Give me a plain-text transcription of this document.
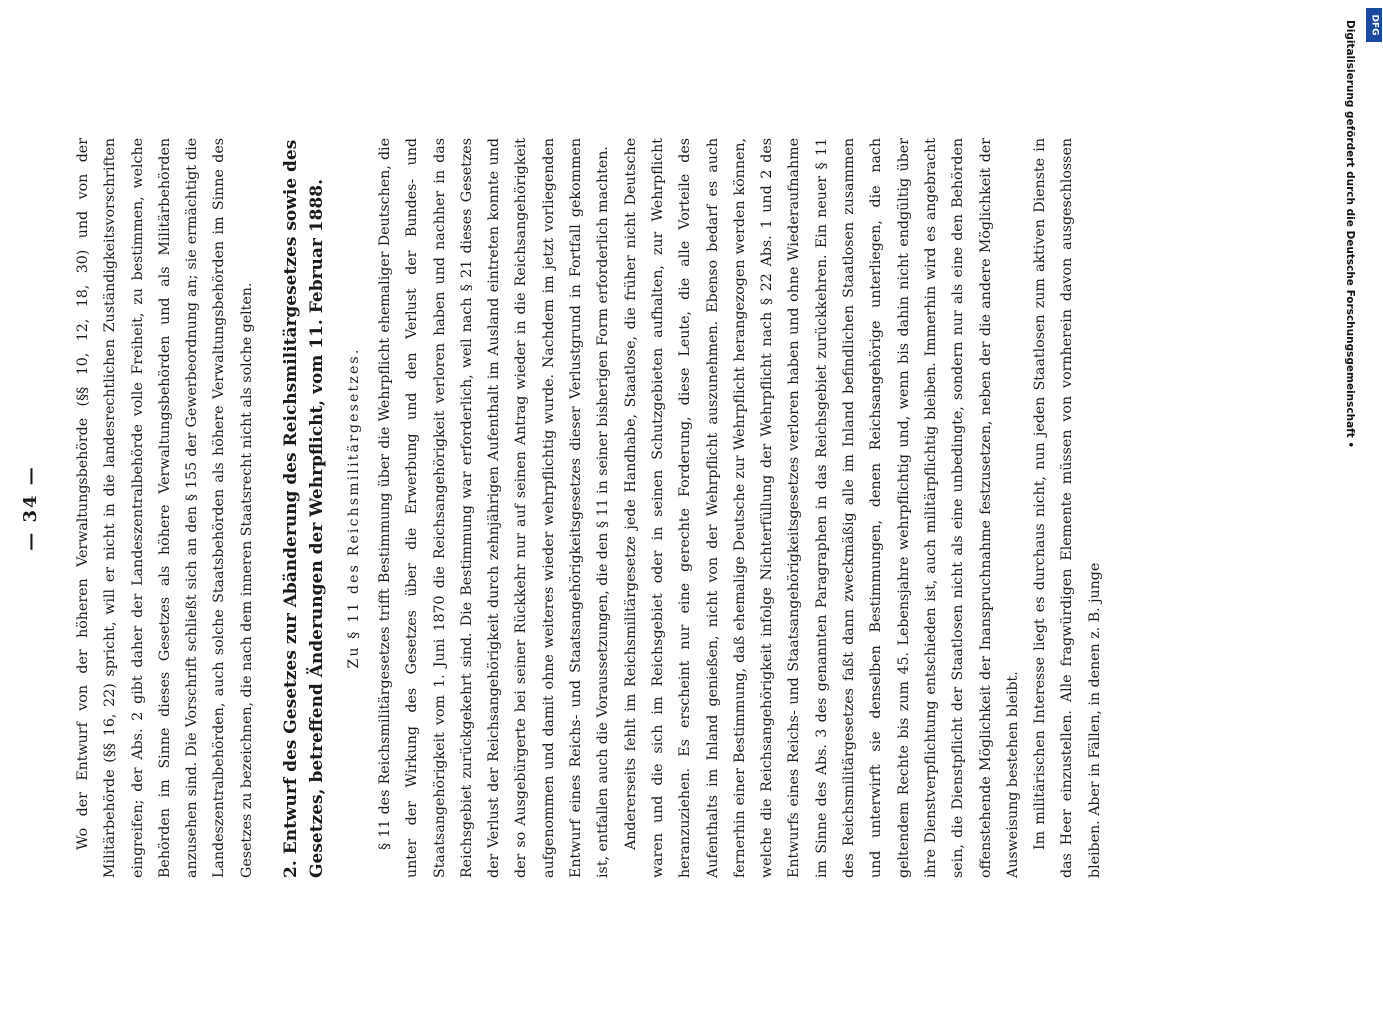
— 34 —	Wo der Entwurf von der höheren Verwaltungsbehörde (§§ 10, 12, 18, 30) und von der Militärbehörde (§§ 16, 22) spricht, will er nicht in die landesrechtlichen Zuständigkeitsvorschriften eingreifen; der Abs. 2 gibt daher der Landeszentralbehörde volle Freiheit, zu bestimmen, welche Behörden im Sinne dieses Gesetzes als höhere Verwaltungsbehörden und als Militärbehörden anzusehen sind. Die Vorschrift schließt sich an den § 155 der Gewerbeordnung an; sie ermächtigt die Landeszentralbehörden, auch solche Staatsbehörden als höhere Verwaltungsbehörden im Sinne des Gesetzes zu bezeichnen, die nach dem inneren Staatsrecht nicht als solche gelten.	2.Entwurf des Gesetzes zur Abänderung des Reichsmilitärgesetzes sowie des Gesetzes, betreffend Änderungen der Wehrpflicht, vom 11. Februar 1888. Zu § 11 des Reichsmilitärgesetzes.	§ 11 des Reichsmilitärgesetzes trifft Bestimmung über die Wehrpflicht ehemaliger Deutschen, die unter der Wirkung des Gesetzes über die Erwerbung und den Verlust der Bundes- und Staatsangehörigkeit vom 1. Juni 1870 die Reichsangehörigkeit verloren haben und nachher in das Reichsgebiet zurückgekehrt sind. Die Bestimmung war erforderlich, weil nach § 21 dieses Gesetzes der Verlust der Reichsangehörigkeit durch zehnjährigen Aufenthalt im Ausland eintreten konnte und der so Ausgebürgerte bei seiner Rückkehr nur auf seinen Antrag wieder in die Reichsangehörigkeit aufgenommen und damit ohne weiteres wieder wehrpflichtig wurde. Nachdem im jetzt vorliegenden Entwurf eines Reichs- und Staatsangehörigkeitsgesetzes dieser Verlustgrund in Fortfall gekommen ist, entfallen auch die Voraussetzungen, die den § 11 in seiner bisherigen Form erforderlich machten. Andererseits fehlt im Reichsmilitärgesetze jede Handhabe, Staatlose, die früher nicht Deutsche waren und die sich im Reichsgebiet oder in seinen Schutzgebieten aufhalten, zur Wehrpflicht heranzuziehen. Es erscheint nur eine gerechte Forderung, diese Leute, die alle Vorteile des Aufenthalts im Inland genießen, nicht von der Wehrpflicht auszunehmen. Ebenso bedarf es auch fernerhin einer Bestimmung, daß ehemalige Deutsche zur Wehrpflicht herangezogen werden können, welche die Reichsangehörigkeit infolge Nichterfüllung der Wehrpflicht nach § 22 Abs. 1 und 2 des Entwurfs eines Reichs- und Staatsangehörigkeitsgesetzes verloren haben und ohne Wiederaufnahme im Sinne des Abs. 3 des genannten Paragraphen in das Reichsgebiet zurückkehren. Ein neuer § 11 des Reichsmilitärgesetzes faßt dann zweckmäßig alle im Inland befindlichen Staatlosen zusammen und unterwirft sie denselben Bestimmungen, denen Reichsangehörige unterliegen, die nach geltendem Rechte bis zum 45. Lebensjahre wehrpflichtig und, wenn bis dahin nicht endgültig über ihre Dienstverpflichtung entschieden ist, auch militärpflichtig bleiben. Immerhin wird es angebracht sein, die Dienstpflicht der Staatlosen nicht als eine unbedingte, sondern nur als eine den Behörden offenstehende Möglichkeit der Inanspruchnahme festzusetzen, neben der die andere Möglichkeit der Ausweisung bestehen bleibt. Im militärischen Interesse liegt es durchaus nicht, nun jeden Staatlosen zum aktiven Dienste in das Heer einzustellen. Alle fragwürdigen Elemente müssen von vornherein davon ausgeschlossen bleiben. Aber in Fällen, in denen z. B. junge

DFG
Digitalisierung gefördert durch die Deutsche Forschungsgemeinschaft •
